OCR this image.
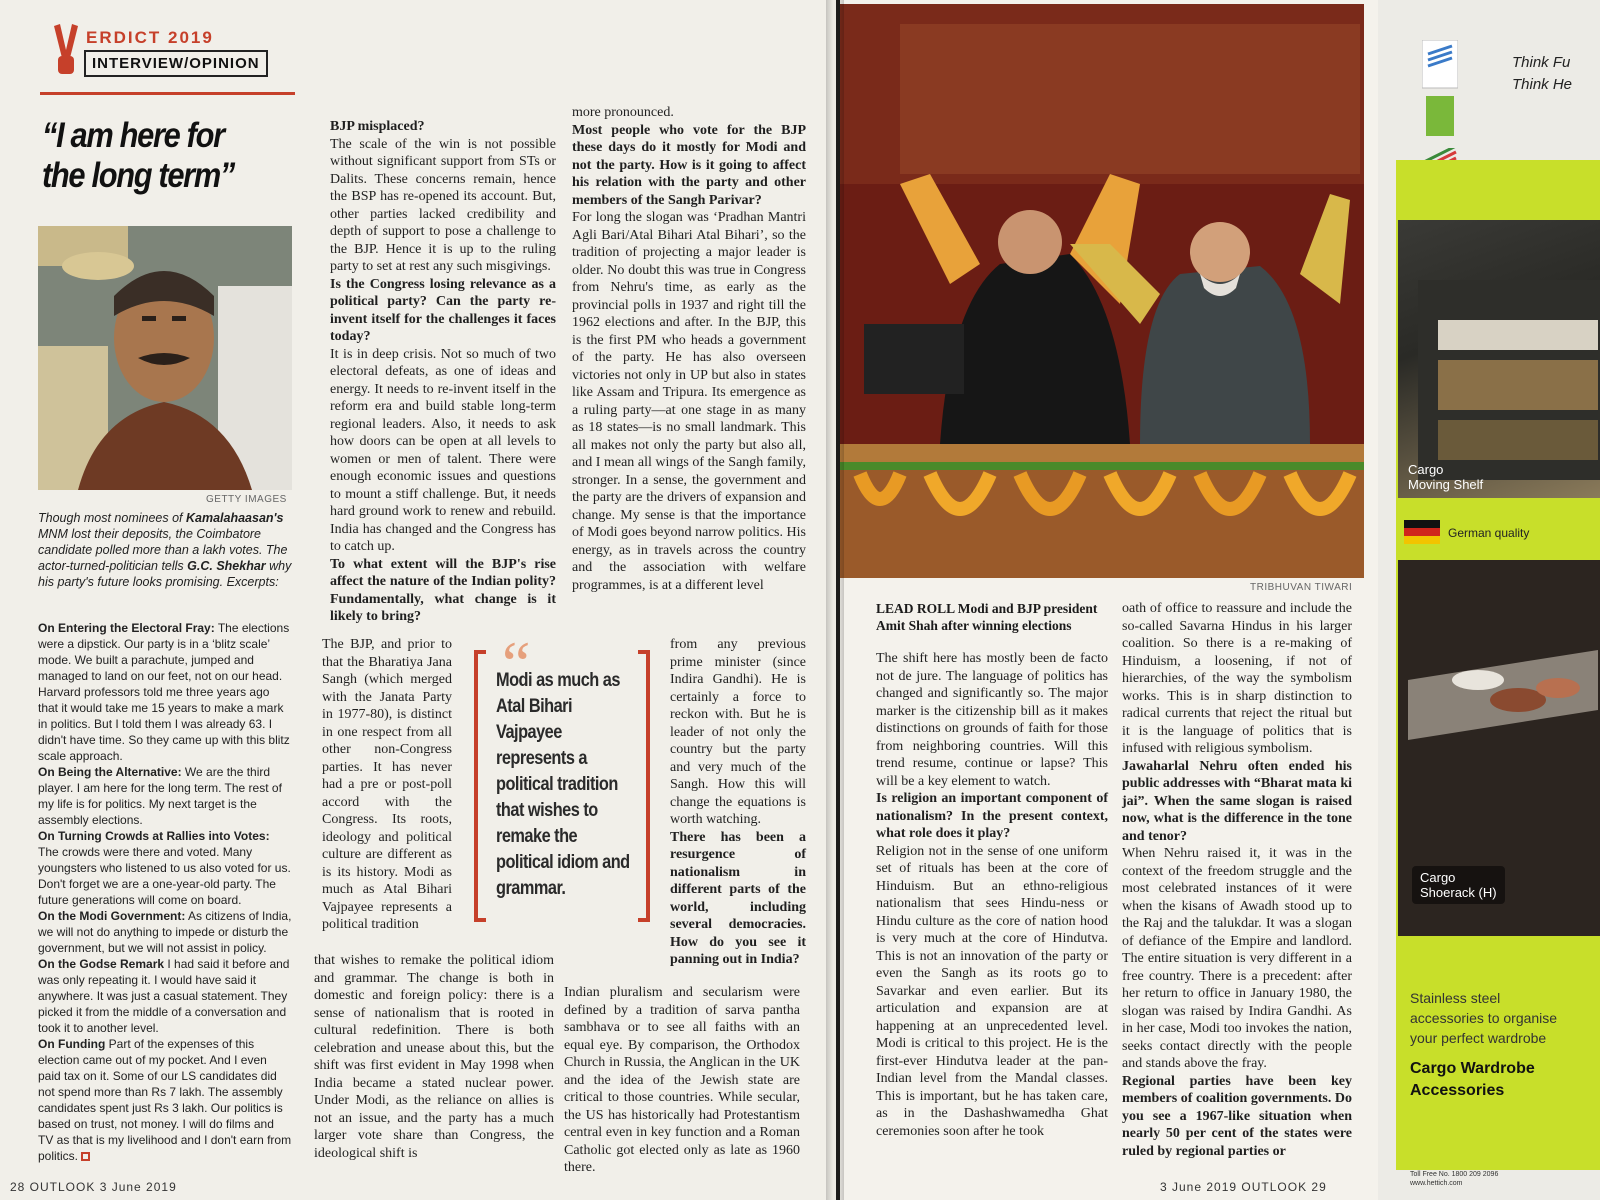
ERDICT 2019
INTERVIEW/OPINION
“I am here for the long term”
GETTY IMAGES
Though most nominees of Kamalahaasan's MNM lost their deposits, the Coimbatore candidate polled more than a lakh votes. The actor-turned-politician tells G.C. Shekhar why his party's future looks promising. Excerpts:

On Entering the Electoral Fray: The elections were a dipstick. Our party is in a ‘blitz scale’ mode. We built a parachute, jumped and managed to land on our feet, not on our head. Harvard professors told me three years ago that it would take me 15 years to make a mark in politics. But I told them I was already 63. I didn't have time. So they came up with this blitz scale approach.

On Being the Alternative: We are the third player. I am here for the long term. The rest of my life is for politics. My next target is the assembly elections.

On Turning Crowds at Rallies into Votes: The crowds were there and voted. Many youngsters who listened to us also voted for us. Don't forget we are a one-year-old party. The future generations will come on board.

On the Modi Government: As citizens of India, we will not do anything to impede or disturb the government, but we will not assist in policy.

On the Godse Remark I had said it before and was only repeating it. I would have said it anywhere. It was just a casual statement. They picked it from the middle of a conversation and took it to another level.

On Funding Part of the expenses of this election came out of my pocket. And I even paid tax on it. Some of our LS candidates did not spend more than Rs 7 lakh. The assembly candidates spent just Rs 3 lakh. Our politics is based on trust, not money. I will do films and TV as that is my livelihood and I don't earn from politics.

BJP misplaced?

The scale of the win is not possible without significant support from STs or Dalits. These concerns remain, hence the BSP has re-opened its account. But, other parties lacked credibility and depth of support to pose a challenge to the BJP. Hence it is up to the ruling party to set at rest any such misgivings.

Is the Congress losing relevance as a political party? Can the party re-invent itself for the challenges it faces today?

It is in deep crisis. Not so much of two electoral defeats, as one of ideas and energy. It needs to re-invent itself in the reform era and build stable long-term regional leaders. Also, it needs to ask how doors can be open at all levels to women or men of talent. There were enough economic issues and questions to mount a stiff challenge. But, it needs hard ground work to renew and rebuild. India has changed and the Congress has to catch up.

To what extent will the BJP's rise affect the nature of the Indian polity? Fundamentally, what change is it likely to bring?

The BJP, and prior to that the Bharatiya Jana Sangh (which merged with the Janata Party in 1977-80), is distinct in one respect from all other non-Congress parties. It has never had a pre or post-poll accord with the Congress. Its roots, ideology and political culture are different as is its history. Modi as much as Atal Bihari Vajpayee represents a political tradition
“
Modi as much as Atal Bihari Vajpayee represents a political tradition that wishes to remake the political idiom and grammar.

more pronounced.

Most people who vote for the BJP these days do it mostly for Modi and not the party. How is it going to affect his relation with the party and other members of the Sangh Parivar?

For long the slogan was ‘Pradhan Mantri Agli Bari/Atal Bihari Atal Bihari’, so the tradition of projecting a major leader is older. No doubt this was true in Congress from Nehru's time, as early as the provincial polls in 1937 and right till the 1962 elections and after. In the BJP, this is the first PM who heads a government of the party. He has also overseen victories not only in UP but also in states like Assam and Tripura. Its emergence as a ruling party—at one stage in as many as 18 states—is no small landmark. This all makes not only the party but also all, and I mean all wings of the Sangh family, stronger. In a sense, the government and the party are the drivers of expansion and change. My sense is that the importance of Modi goes beyond narrow politics. His energy, as in travels across the country and the association with welfare programmes, is at a different level

from any previous prime minister (since Indira Gandhi). He is certainly a force to reckon with. But he is leader of not only the country but the party and very much of the Sangh. How this will change the equations is worth watching.

There has been a resurgence of nationalism in different parts of the world, including several democracies. How do you see it panning out in India?

that wishes to remake the political idiom and grammar. The change is both in domestic and foreign policy: there is a sense of nationalism that is rooted in cultural redefinition. There is both celebration and unease about this, but the shift was first evident in May 1998 when India became a stated nuclear power. Under Modi, as the reliance on allies is not an issue, and the party has a much larger vote share than Congress, the ideological shift is
Indian pluralism and secularism were defined by a tradition of sarva pantha sambhava or to see all faiths with an equal eye. By comparison, the Orthodox Church in Russia, the Anglican in the UK and the idea of the Jewish state are critical to those countries. While secular, the US has historically had Protestantism central even in key function and a Roman Catholic got elected only as late as 1960 there.
28 OUTLOOK 3 June 2019
TRIBHUVAN TIWARI
LEAD ROLL Modi and BJP president Amit Shah after winning elections

The shift here has mostly been de facto not de jure. The language of politics has changed and significantly so. The major marker is the citizenship bill as it makes distinctions on grounds of faith for those from neighboring countries. Will this trend resume, continue or lapse? This will be a key element to watch.

Is religion an important component of nationalism? In the present context, what role does it play?

Religion not in the sense of one uniform set of rituals has been at the core of Hinduism. But an ethno-religious nationalism that sees Hindu-ness or Hindu culture as the core of nation hood is very much at the core of Hindutva. This is not an innovation of the party or even the Sangh as its roots go to Savarkar and even earlier. But its articulation and expansion are at happening at an unprecedented level. Modi is critical to this project. He is the first-ever Hindutva leader at the pan-Indian level from the Mandal classes. This is important, but he has taken care, as in the Dashashwamedha Ghat ceremonies soon after he took

oath of office to reassure and include the so-called Savarna Hindus in his larger coalition. So there is a re-making of Hinduism, a loosening, if not of hierarchies, of the way the symbolism works. This is in sharp distinction to radical currents that reject the ritual but it is the language of politics that is infused with religious symbolism.

Jawaharlal Nehru often ended his public addresses with “Bharat mata ki jai”. When the same slogan is raised now, what is the difference in the tone and tenor?

When Nehru raised it, it was in the context of the freedom struggle and the most celebrated instances of it were when the kisans of Awadh stood up to the Raj and the talukdar. It was a slogan of defiance of the Empire and landlord. The entire situation is very different in a free country. There is a precedent: after her return to office in January 1980, the slogan was raised by Indira Gandhi. As in her case, Modi too invokes the nation, seeks contact directly with the people and stands above the fray.

Regional parties have been key members of coalition governments. Do you see a 1967-like situation when nearly 50 per cent of the states were ruled by regional parties or

3 June 2019 OUTLOOK 29
Think Fu
Think He
Cargo
Moving Shelf
German quality
Cargo
Shoerack (H)
Stainless steel
accessories to organise
your perfect wardrobe
Cargo Wardrobe
Accessories
Toll Free No. 1800 209 2096
www.hettich.com
